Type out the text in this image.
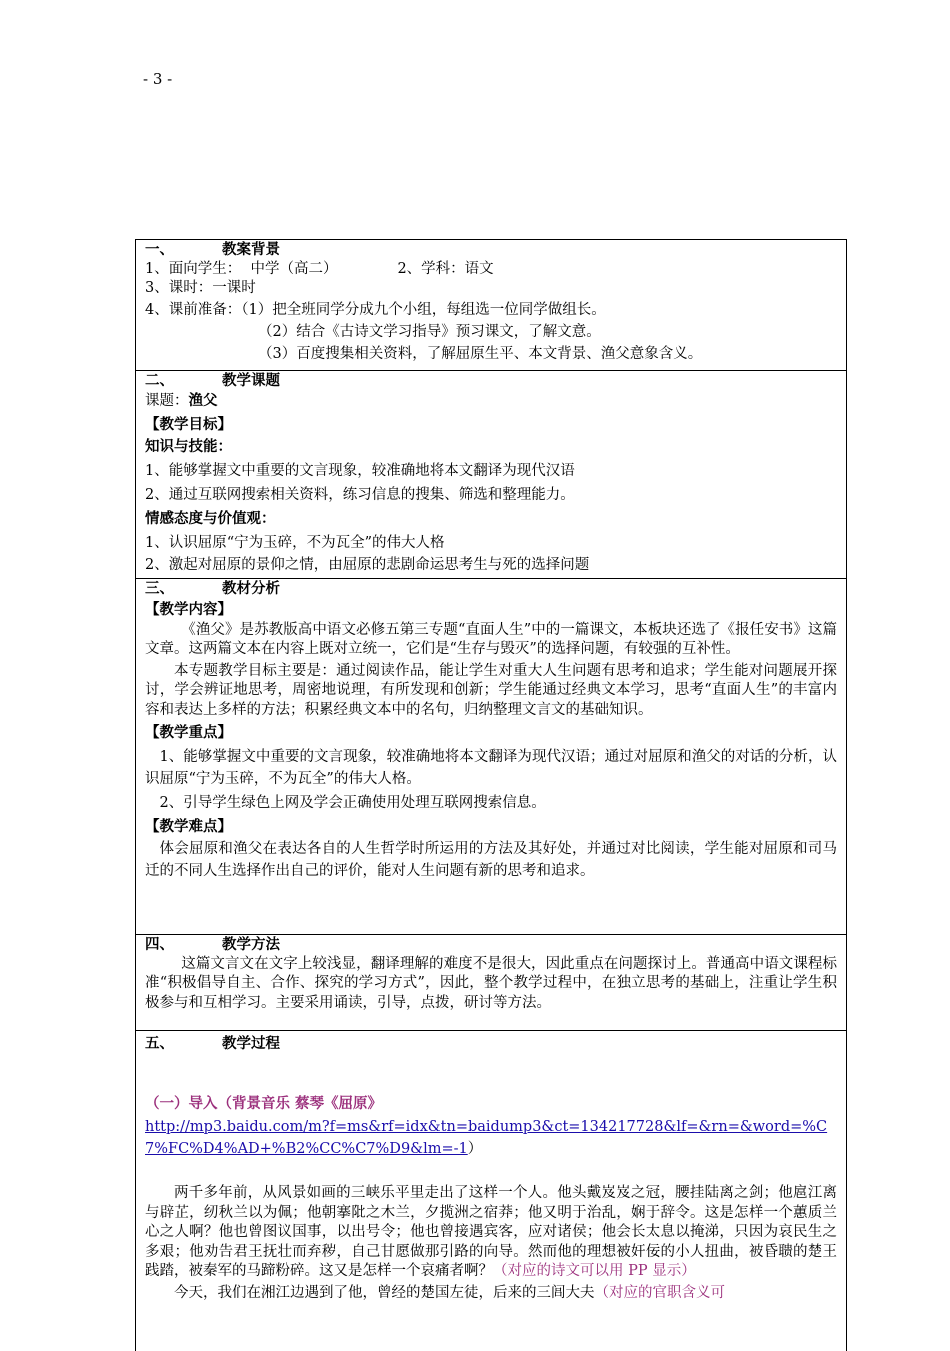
- 3 -
一、	教案背景
1、面向学生：  中学（高二）	2、学科：语文
3、课时：一课时
4、课前准备：（1）把全班同学分成九个小组，每组选一位同学做组长。
（2）结合《古诗文学习指导》预习课文，了解文意。
（3）百度搜集相关资料，了解屈原生平、本文背景、渔父意象含义。
二、	教学课题
课题：渔父
【教学目标】
知识与技能：
1、能够掌握文中重要的文言现象，较准确地将本文翻译为现代汉语
2、通过互联网搜索相关资料，练习信息的搜集、筛选和整理能力。
情感态度与价值观：
1、认识屈原“宁为玉碎，不为瓦全”的伟大人格
2、激起对屈原的景仰之情，由屈原的悲剧命运思考生与死的选择问题
三、	教材分析
【教学内容】

《渔父》是苏教版高中语文必修五第三专题“直面人生”中的一篇课文，本板块还选了《报任安书》这篇文章。这两篇文本在内容上既对立统一，它们是“生存与毁灭”的选择问题，有较强的互补性。

本专题教学目标主要是：通过阅读作品，能让学生对重大人生问题有思考和追求；学生能对问题展开探讨，学会辨证地思考，周密地说理，有所发现和创新；学生能通过经典文本学习，思考“直面人生”的丰富内容和表达上多样的方法；积累经典文本中的名句，归纳整理文言文的基础知识。

【教学重点】

1、能够掌握文中重要的文言现象，较准确地将本文翻译为现代汉语；通过对屈原和渔父的对话的分析，认识屈原“宁为玉碎，不为瓦全”的伟大人格。

2、引导学生绿色上网及学会正确使用处理互联网搜索信息。

【教学难点】

体会屈原和渔父在表达各自的人生哲学时所运用的方法及其好处，并通过对比阅读，学生能对屈原和司马迁的不同人生选择作出自己的评价，能对人生问题有新的思考和追求。

四、	教学方法

这篇文言文在文字上较浅显，翻译理解的难度不是很大，因此重点在问题探讨上。普通高中语文课程标准“积极倡导自主、合作、探究的学习方式”，因此，整个教学过程中，在独立思考的基础上，注重让学生积极参与和互相学习。主要采用诵读，引导，点拨，研讨等方法。

五、	教学过程
（一）导入（背景音乐 蔡琴《屈原》
http://mp3.baidu.com/m?f=ms&rf=idx&tn=baidump3&ct=134217728&lf=&rn=&word=%C7%FC%D4%AD+%B2%CC%C7%D9&lm=-1）

两千多年前，从风景如画的三峡乐平里走出了这样一个人。他头戴岌岌之冠，腰挂陆离之剑；他扈江离与辟芷，纫秋兰以为佩；他朝搴阰之木兰，夕揽洲之宿莽；他又明于治乱，娴于辞令。这是怎样一个蕙质兰心之人啊？他也曾图议国事，以出号令；他也曾接遇宾客，应对诸侯；他会长太息以掩涕，只因为哀民生之多艰；他劝告君王抚壮而弃秽，自己甘愿做那引路的向导。然而他的理想被奸佞的小人扭曲，被昏聩的楚王践踏，被秦军的马蹄粉碎。这又是怎样一个哀痛者啊？（对应的诗文可以用 PP 显示）

今天，我们在湘江边遇到了他，曾经的楚国左徒，后来的三闾大夫（对应的官职含义可
